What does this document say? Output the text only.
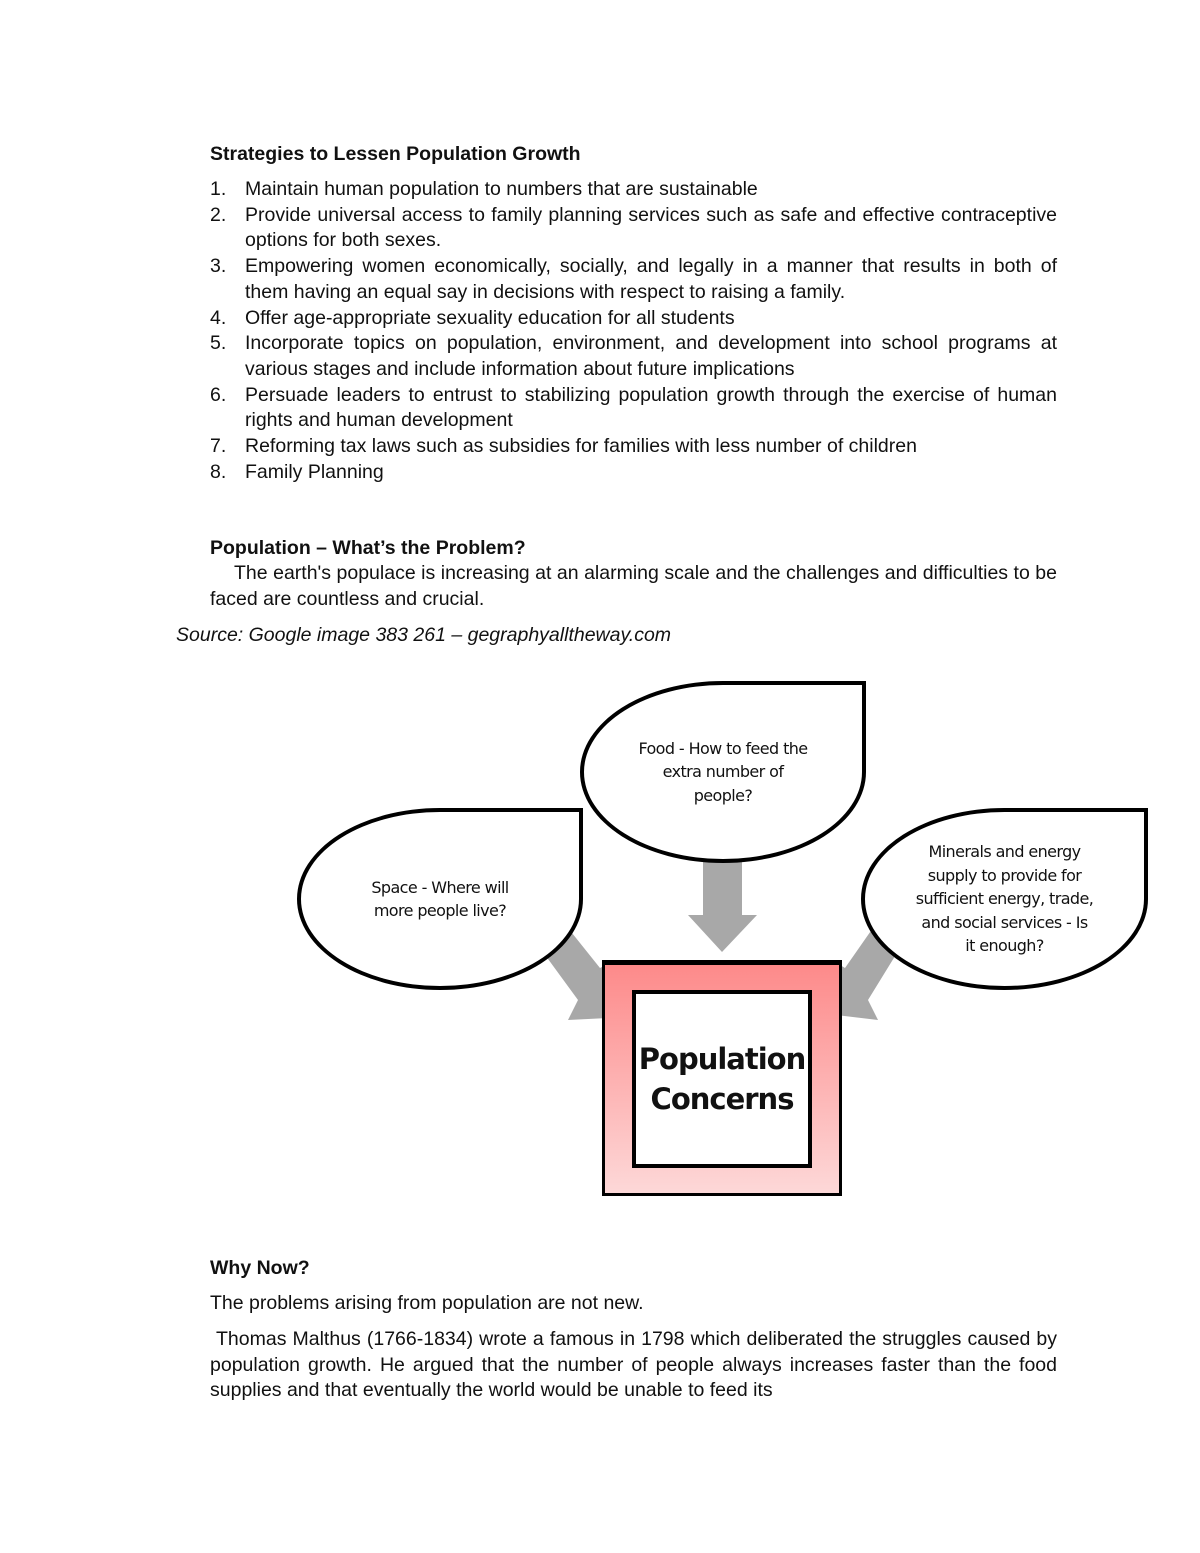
Strategies to Lessen Population Growth
1. Maintain human population to numbers that are sustainable
2. Provide universal access to family planning services such as safe and effective contraceptive options for both sexes.
3. Empowering women economically, socially, and legally in a manner that results in both of them having an equal say in decisions with respect to raising a family.
4. Offer age-appropriate sexuality education for all students
5. Incorporate topics on population, environment, and development into school programs at various stages and include information about future implications
6. Persuade leaders to entrust to stabilizing population growth through the exercise of human rights and human development
7. Reforming tax laws such as subsidies for families with less number of children
8. Family Planning
Population – What’s the Problem?

The earth's populace is increasing at an alarming scale and the challenges and difficulties to be faced are countless and crucial.

Source: Google image 383 261 – gegraphyalltheway.com

Food - How to feed the extra number of people?
Space - Where will more people live?
Minerals and energy supply to provide for sufficient energy, trade, and social services - Is it enough?
Population Concerns
Why Now?

The problems arising from population are not new.

Thomas Malthus (1766-1834) wrote a famous in 1798 which deliberated the struggles caused by population growth. He argued that the number of people always increases faster than the food supplies and that eventually the world would be unable to feed its
